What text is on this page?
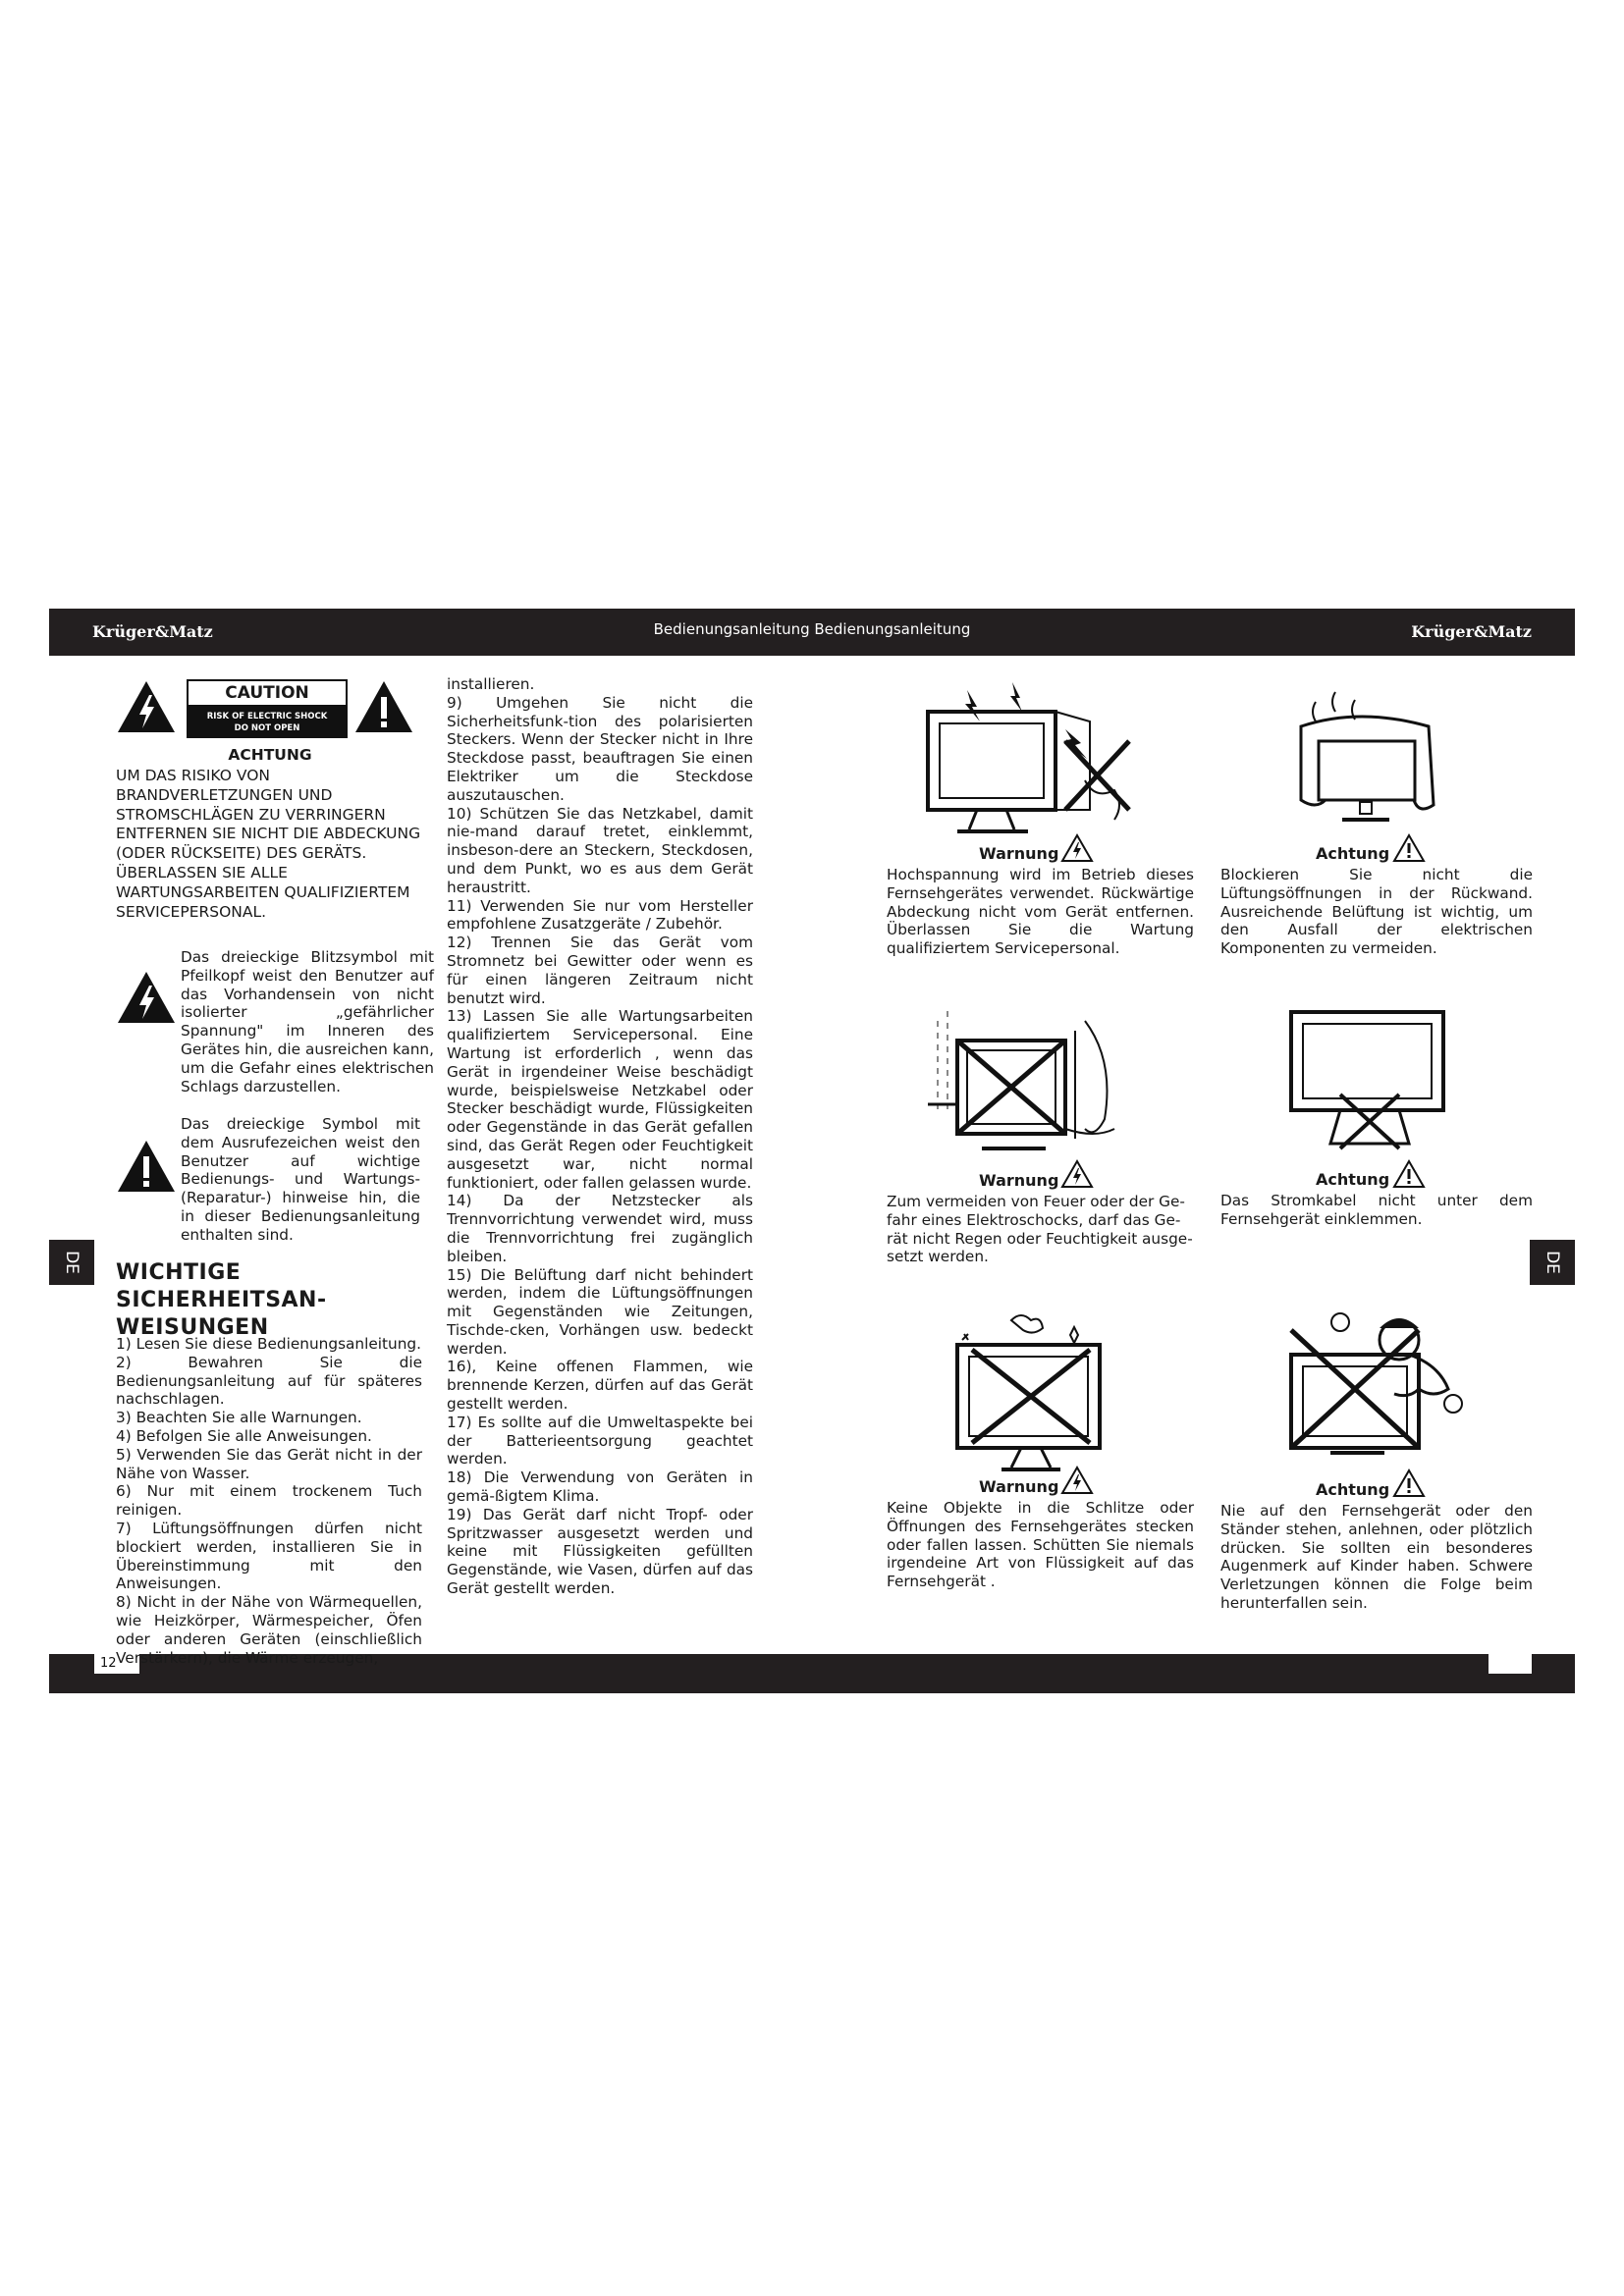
Krüger&Matz	Bedienungsanleitung Bedienungsanleitung	Krüger&Matz
DE	DE
12
CAUTION
RISK OF ELECTRIC SHOCK
DO NOT OPEN
ACHTUNG
UM DAS RISIKO VON BRANDVERLETZUNGEN UND STROMSCHLÄGEN ZU VERRINGERN ENTFERNEN SIE NICHT DIE ABDECKUNG (ODER RÜCKSEITE) DES GERÄTS. ÜBERLASSEN SIE ALLE WARTUNGSARBEITEN QUALIFIZIERTEM SERVICEPERSONAL.
Das dreieckige Blitzsymbol mit Pfeilkopf weist den Benutzer auf das Vorhandensein von nicht isolierter „gefährlicher Spannung" im Inneren des Gerätes hin, die ausreichen kann, um die Gefahr eines elektrischen Schlags darzustellen.
Das dreieckige Symbol mit dem Ausrufezeichen weist den Benutzer auf wichtige Bedienungs- und Wartungs- (Reparatur-) hinweise hin, die in dieser Bedienungsanleitung enthalten sind.
WICHTIGE SICHERHEITSAN-WEISUNGEN

1) Lesen Sie diese Bedienungsanleitung.

2) Bewahren Sie die Bedienungsanleitung auf für späteres nachschlagen.

3) Beachten Sie alle Warnungen.

4) Befolgen Sie alle Anweisungen.

5) Verwenden Sie das Gerät nicht in der Nähe von Wasser.

6) Nur mit einem trockenem Tuch reinigen.

7) Lüftungsöffnungen dürfen nicht blockiert werden, installieren Sie in Übereinstimmung mit den Anweisungen.

8) Nicht in der Nähe von Wärmequellen, wie Heizkörper, Wärmespeicher, Öfen oder anderen Geräten (einschließlich Verstärkern), die Wärme erzeugen,

installieren.

9) Umgehen Sie nicht die Sicherheitsfunk-tion des polarisierten Steckers. Wenn der Stecker nicht in Ihre Steckdose passt, beauftragen Sie einen Elektriker um die Steckdose auszutauschen.

10) Schützen Sie das Netzkabel, damit nie-mand darauf tretet, einklemmt, insbeson-dere an Steckern, Steckdosen, und dem Punkt, wo es aus dem Gerät heraustritt.

11) Verwenden Sie nur vom Hersteller empfohlene Zusatzgeräte / Zubehör.

12) Trennen Sie das Gerät vom Stromnetz bei Gewitter oder wenn es für einen längeren Zeitraum nicht benutzt wird.

13) Lassen Sie alle Wartungsarbeiten qualifiziertem Servicepersonal. Eine Wartung ist erforderlich , wenn das Gerät in irgendeiner Weise beschädigt wurde, beispielsweise Netzkabel oder Stecker beschädigt wurde, Flüssigkeiten oder Gegenstände in das Gerät gefallen sind, das Gerät Regen oder Feuchtigkeit ausgesetzt war, nicht normal funktioniert, oder fallen gelassen wurde.

14) Da der Netzstecker als Trennvorrichtung verwendet wird, muss die Trennvorrichtung frei zugänglich bleiben.

15) Die Belüftung darf nicht behindert werden, indem die Lüftungsöffnungen mit Gegenständen wie Zeitungen, Tischde-cken, Vorhängen usw. bedeckt werden.

16), Keine offenen Flammen, wie brennende Kerzen, dürfen auf das Gerät gestellt werden.

17) Es sollte auf die Umweltaspekte bei der Batterieentsorgung geachtet werden.

18) Die Verwendung von Geräten in gemä-ßigtem Klima.

19) Das Gerät darf nicht Tropf- oder Spritzwasser ausgesetzt werden und keine mit Flüssigkeiten gefüllten Gegenstände, wie Vasen, dürfen auf das Gerät gestellt werden.

Warnung
Hochspannung wird im Betrieb dieses Fernsehgerätes verwendet. Rückwärtige Abdeckung nicht vom Gerät entfernen. Überlassen Sie die Wartung qualifiziertem Servicepersonal.
Achtung
Blockieren Sie nicht die Lüftungsöffnungen in der Rückwand. Ausreichende Belüftung ist wichtig, um den Ausfall der elektrischen Komponenten zu vermeiden.
Warnung
Zum vermeiden von Feuer oder der Ge-fahr eines Elektroschocks, darf das Ge-rät nicht Regen oder Feuchtigkeit ausge-setzt werden.
Achtung
Das Stromkabel nicht unter dem Fernsehgerät einklemmen.
Warnung
Keine Objekte in die Schlitze oder Öffnungen des Fernsehgerätes stecken oder fallen lassen. Schütten Sie niemals irgendeine Art von Flüssigkeit auf das Fernsehgerät .
Achtung
Nie auf den Fernsehgerät oder den Ständer stehen, anlehnen, oder plötzlich drücken. Sie sollten ein besonderes Augenmerk auf Kinder haben. Schwere Verletzungen können die Folge beim herunterfallen sein.
